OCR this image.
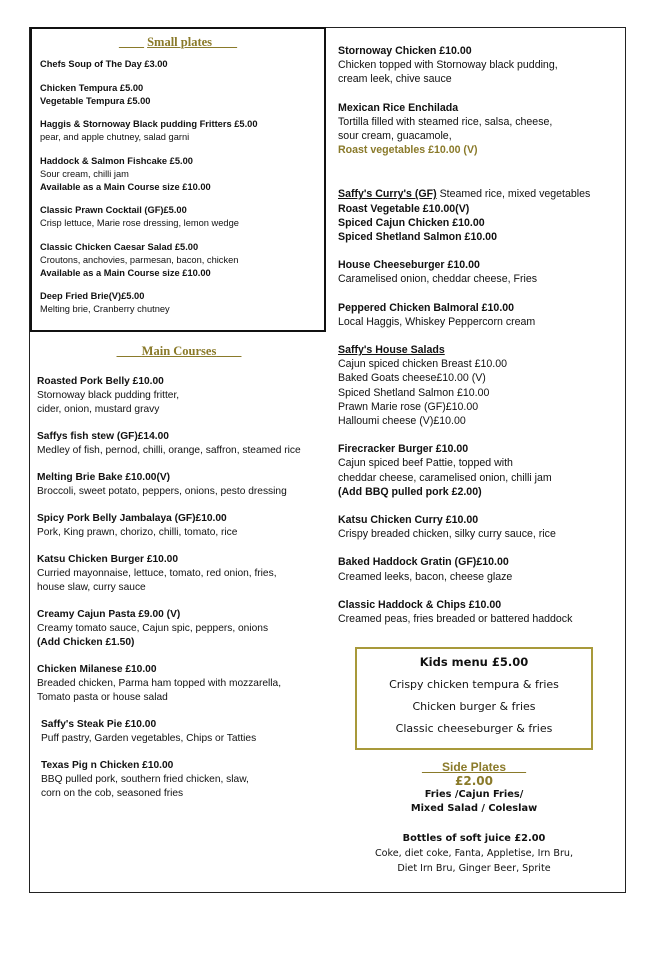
____ Small plates____
Chefs Soup of The Day £3.00
Chicken Tempura £5.00
Vegetable Tempura £5.00
Haggis & Stornoway Black pudding Fritters £5.00
pear, and apple chutney, salad garni
Haddock & Salmon Fishcake £5.00
Sour cream, chilli jam
Available as a Main Course size £10.00
Classic Prawn Cocktail (GF)£5.00
Crisp lettuce, Marie rose dressing, lemon wedge
Classic Chicken Caesar Salad £5.00
Croutons, anchovies, parmesan, bacon, chicken
Available as a Main Course size £10.00
Deep Fried Brie(V)£5.00
Melting brie, Cranberry chutney
____Main Courses____
Roasted Pork Belly £10.00
Stornoway black pudding fritter,
cider, onion, mustard gravy
Saffys fish stew (GF)£14.00
Medley of fish, pernod, chilli, orange, saffron, steamed rice
Melting Brie Bake £10.00(V)
Broccoli, sweet potato, peppers, onions, pesto dressing
Spicy Pork Belly Jambalaya (GF)£10.00
Pork, King prawn, chorizo, chilli, tomato, rice
Katsu Chicken Burger £10.00
Curried mayonnaise, lettuce, tomato, red onion, fries,
house slaw, curry sauce
Creamy Cajun Pasta £9.00 (V)
Creamy tomato sauce, Cajun spic, peppers, onions
(Add Chicken £1.50)
Chicken Milanese £10.00
Breaded chicken, Parma ham topped with mozzarella,
Tomato pasta or house salad
Saffy's Steak Pie £10.00
Puff pastry, Garden vegetables, Chips or Tatties
Texas Pig n Chicken £10.00
BBQ pulled pork, southern fried chicken, slaw,
corn on the cob, seasoned fries
Stornoway Chicken £10.00
Chicken topped with Stornoway black pudding,
cream leek, chive sauce
Mexican Rice Enchilada
Tortilla filled with steamed rice, salsa, cheese,
sour cream, guacamole,
Roast vegetables £10.00 (V)
Saffy's Curry's (GF) Steamed rice, mixed vegetables
Roast Vegetable £10.00(V)
Spiced Cajun Chicken £10.00
Spiced Shetland Salmon £10.00
House Cheeseburger £10.00
Caramelised onion, cheddar cheese, Fries
Peppered Chicken Balmoral £10.00
Local Haggis, Whiskey Peppercorn cream
Saffy's House Salads
Cajun spiced chicken Breast £10.00
Baked Goats cheese£10.00 (V)
Spiced Shetland Salmon £10.00
Prawn Marie rose (GF)£10.00
Halloumi cheese (V)£10.00
Firecracker Burger £10.00
Cajun spiced beef Pattie, topped with
cheddar cheese, caramelised onion, chilli jam
(Add BBQ pulled pork £2.00)
Katsu Chicken Curry £10.00
Crispy breaded chicken, silky curry sauce, rice
Baked Haddock Gratin (GF)£10.00
Creamed leeks, bacon, cheese glaze
Classic Haddock & Chips £10.00
Creamed peas, fries breaded or battered haddock
Kids menu £5.00
Crispy chicken tempura & fries
Chicken burger & fries
Classic cheeseburger & fries
___Side Plates___
£2.00
Fries /Cajun Fries/
Mixed Salad / Coleslaw
Bottles of soft juice £2.00
Coke, diet coke, Fanta, Appletise, Irn Bru,
Diet Irn Bru, Ginger Beer, Sprite
